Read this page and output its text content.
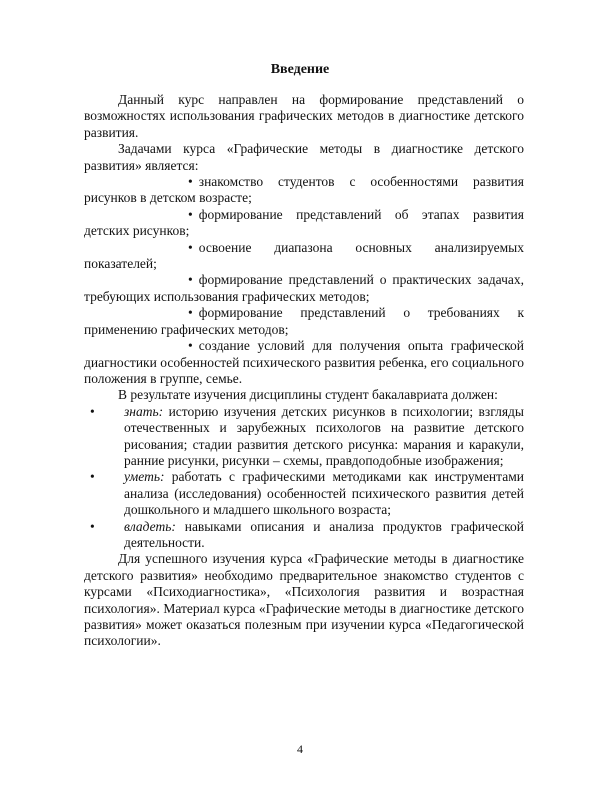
Введение

Данный курс направлен на формирование представлений о возможностях использования графических методов в диагностике детского развития.

Задачами курса «Графические методы в диагностике детского развития» является:

• знакомство студентов с особенностями развития рисунков в детском возрасте;

• формирование представлений об этапах развития детских рисунков;

• освоение диапазона основных анализируемых показателей;

• формирование представлений о практических задачах, требующих использования графических методов;

• формирование представлений о требованиях к применению графических методов;

• создание условий для получения опыта графической диагностики особенностей психического развития ребенка, его социального положения в группе, семье.

В результате изучения дисциплины студент бакалавриата должен:

• знать: историю изучения детских рисунков в психологии; взгляды отечественных и зарубежных психологов на развитие детского рисования; стадии развития детского рисунка: марания и каракули, ранние рисунки, рисунки – схемы, правдоподобные изображения;
• уметь: работать с графическими методиками как инструментами анализа (исследования) особенностей психического развития детей дошкольного и младшего школьного возраста;
• владеть: навыками описания и анализа продуктов графической деятельности.

Для успешного изучения курса «Графические методы в диагностике детского развития» необходимо предварительное знакомство студентов с курсами «Психодиагностика», «Психология развития и возрастная психология». Материал курса «Графические методы в диагностике детского развития» может оказаться полезным при изучении курса «Педагогической психологии».

4
